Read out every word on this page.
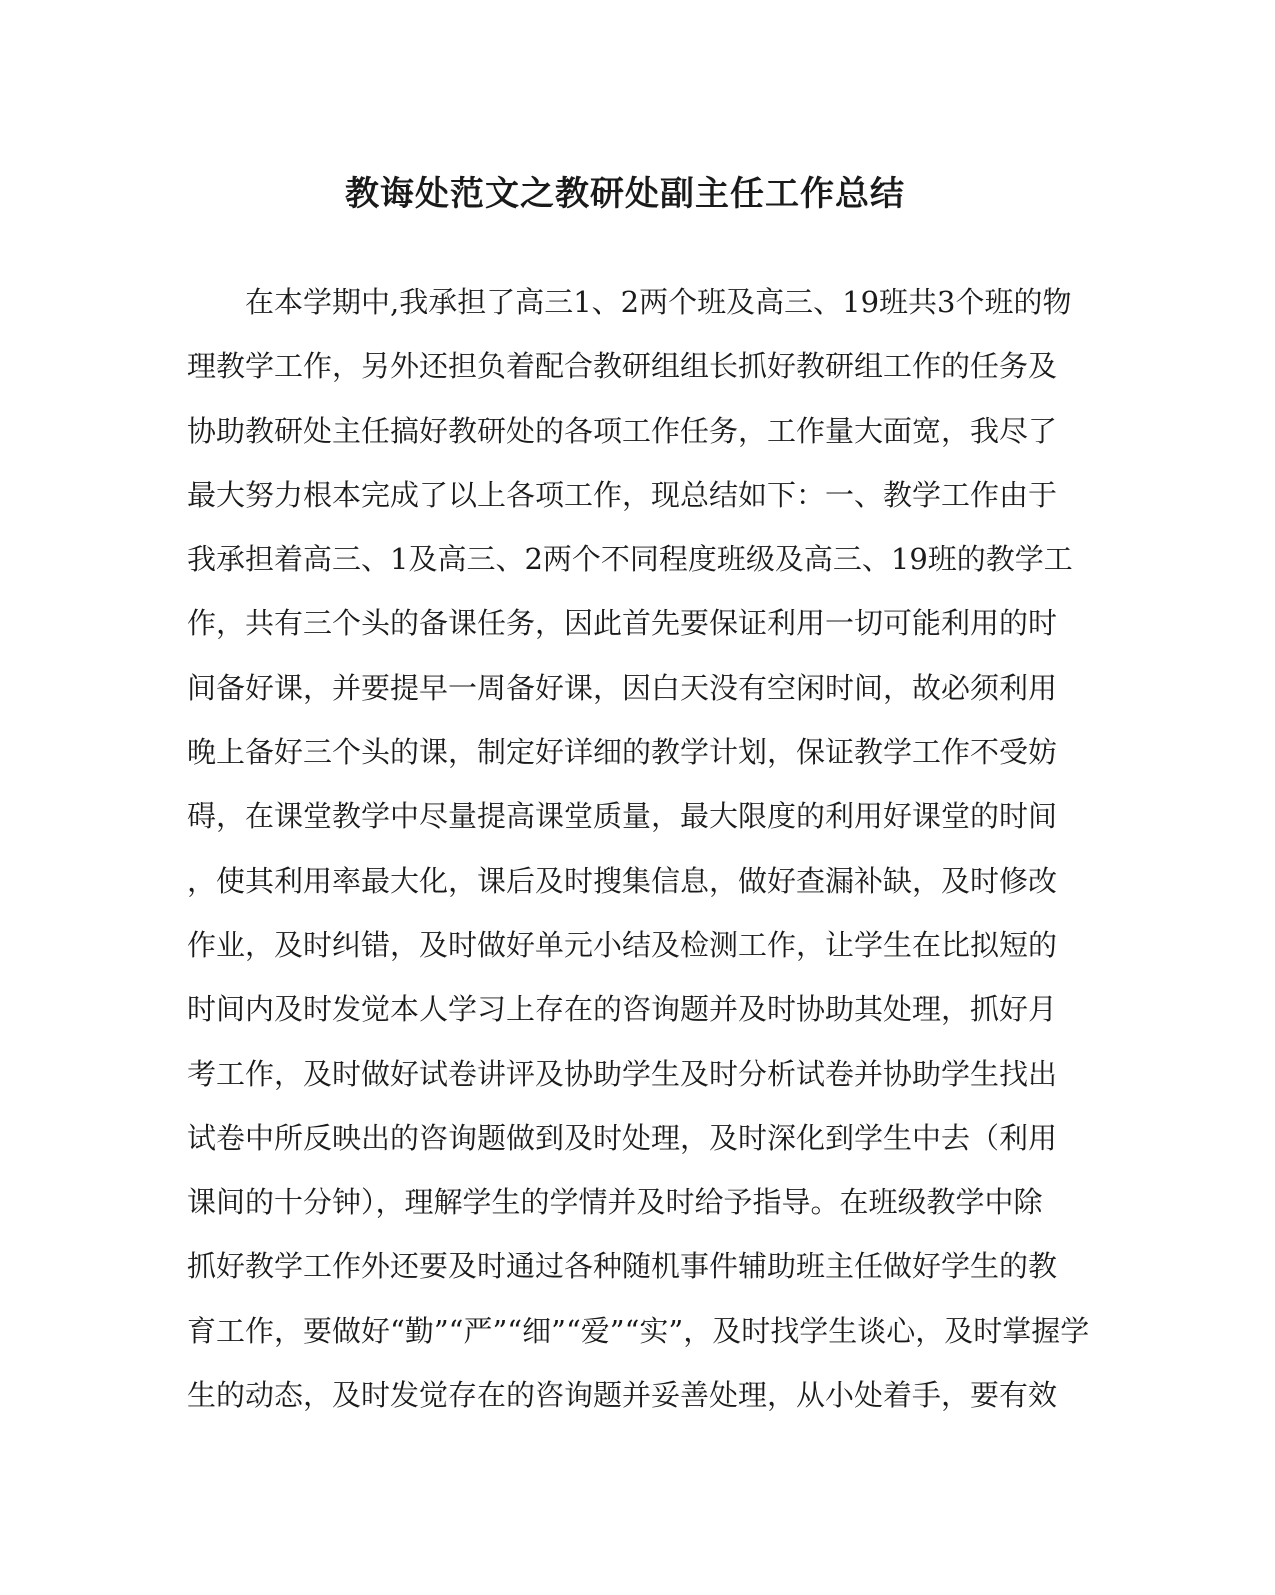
教诲处范文之教研处副主任工作总结
　　在本学期中,我承担了高三1、2两个班及高三、19班共3个班的物
理教学工作，另外还担负着配合教研组组长抓好教研组工作的任务及
协助教研处主任搞好教研处的各项工作任务，工作量大面宽，我尽了
最大努力根本完成了以上各项工作，现总结如下：一、教学工作由于
我承担着高三、1及高三、2两个不同程度班级及高三、19班的教学工
作，共有三个头的备课任务，因此首先要保证利用一切可能利用的时
间备好课，并要提早一周备好课，因白天没有空闲时间，故必须利用
晚上备好三个头的课，制定好详细的教学计划，保证教学工作不受妨
碍，在课堂教学中尽量提高课堂质量，最大限度的利用好课堂的时间
，使其利用率最大化，课后及时搜集信息，做好查漏补缺，及时修改
作业，及时纠错，及时做好单元小结及检测工作，让学生在比拟短的
时间内及时发觉本人学习上存在的咨询题并及时协助其处理，抓好月
考工作，及时做好试卷讲评及协助学生及时分析试卷并协助学生找出
试卷中所反映出的咨询题做到及时处理，及时深化到学生中去（利用
课间的十分钟），理解学生的学情并及时给予指导。在班级教学中除
抓好教学工作外还要及时通过各种随机事件辅助班主任做好学生的教
育工作，要做好“勤”“严”“细”“爱”“实”，及时找学生谈心，及时掌握学
生的动态，及时发觉存在的咨询题并妥善处理，从小处着手，要有效
